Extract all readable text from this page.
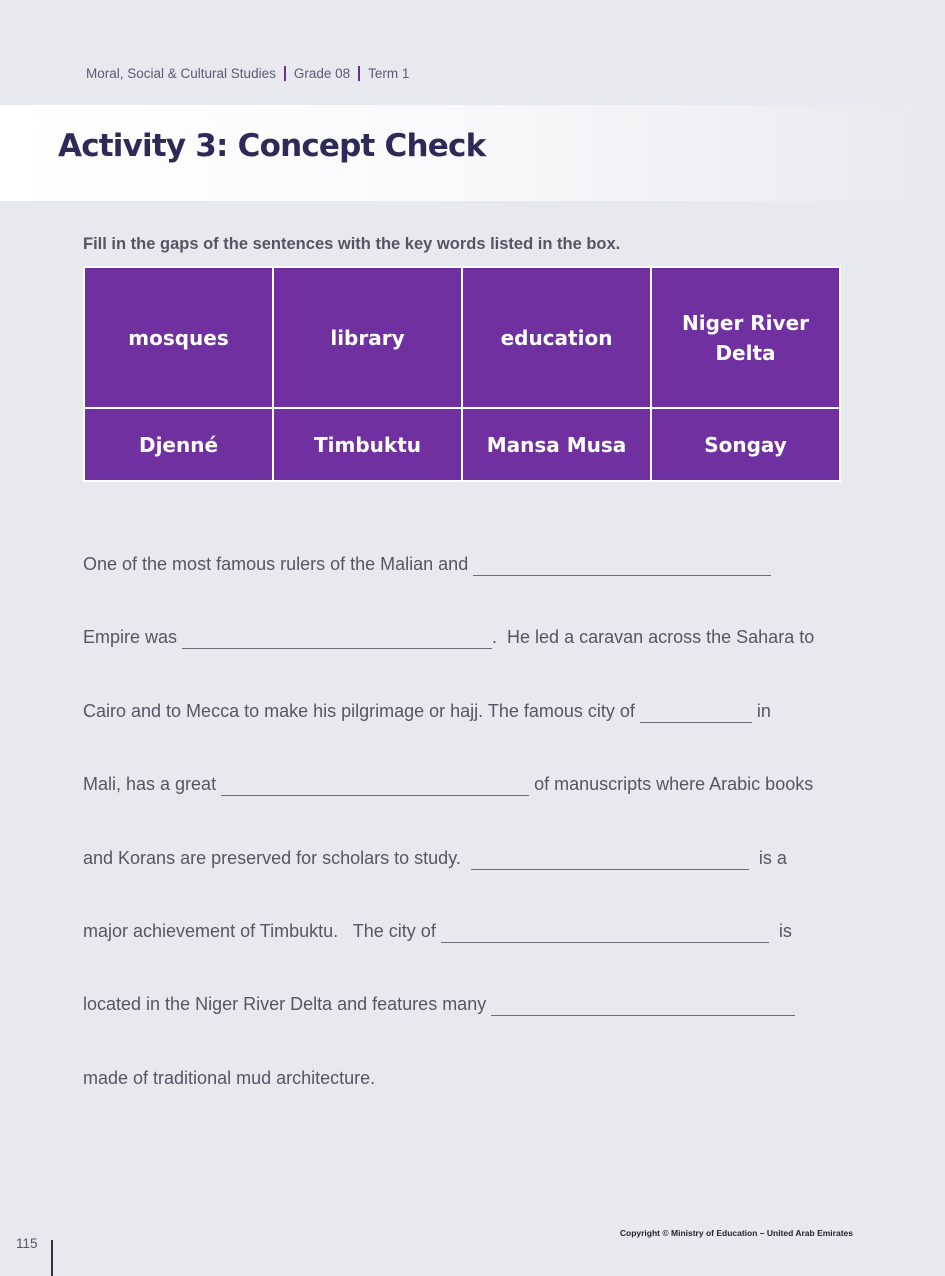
Moral, Social & Cultural Studies Grade 08 Term 1
Activity 3: Concept Check
Fill in the gaps of the sentences with the key words listed in the box.
mosques	library	education	Niger River Delta
Djenné	Timbuktu	Mansa Musa	Songay
One of the most famous rulers of the Malian and
Empire was	.  He led a caravan across the Sahara to
Cairo and to Mecca to make his pilgrimage or hajj. The famous city of	in
Mali, has a great	of manuscripts where Arabic books
and Korans are preserved for scholars to study.	is a
major achievement of Timbuktu.   The city of	is
located in the Niger River Delta and features many
made of traditional mud architecture.
115
Copyright © Ministry of Education – United Arab Emirates
